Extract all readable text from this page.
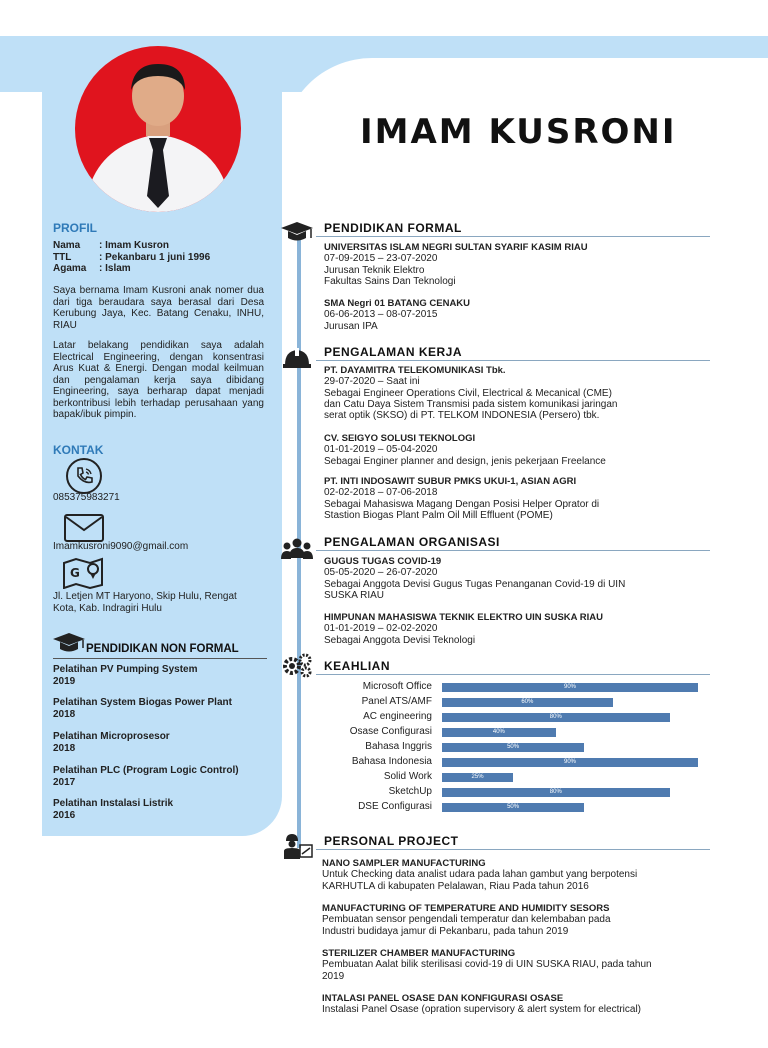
IMAM KUSRONI
PROFIL
Nama	: Imam Kusron
TTL	: Pekanbaru 1 juni 1996
Agama	: Islam
Saya bernama Imam Kusroni anak nomer dua dari tiga beraudara saya berasal dari Desa Kerubung Jaya, Kec. Batang Cenaku, INHU, RIAU
Latar belakang pendidikan saya adalah Electrical Engineering, dengan konsentrasi Arus Kuat & Energi. Dengan modal keilmuan dan pengalaman kerja saya dibidang Engineering, saya berharap dapat menjadi berkontribusi lebih terhadap perusahaan yang bapak/ibuk pimpin.
KONTAK
085375983271
Imamkusroni9090@gmail.com
G
Jl. Letjen MT Haryono, Skip Hulu, Rengat Kota, Kab. Indragiri Hulu
PENDIDIKAN NON FORMAL
Pelatihan PV Pumping System
2019
Pelatihan System Biogas Power Plant
2018
Pelatihan Microprosesor
2018
Pelatihan PLC (Program Logic Control)
2017
Pelatihan Instalasi Listrik
2016
PENDIDIKAN FORMAL
UNIVERSITAS ISLAM NEGRI SULTAN SYARIF KASIM RIAU
07-09-2015 – 23-07-2020
Jurusan Teknik Elektro
Fakultas Sains Dan Teknologi
SMA Negri 01 BATANG CENAKU
06-06-2013 – 08-07-2015
Jurusan IPA
PENGALAMAN KERJA
PT. DAYAMITRA TELEKOMUNIKASI Tbk.
29-07-2020 – Saat ini
Sebagai Engineer Operations Civil, Electrical & Mecanical (CME)
dan Catu Daya Sistem Transmisi pada sistem komunikasi jaringan
serat optik (SKSO) di PT. TELKOM INDONESIA (Persero) tbk.
CV. SEIGYO SOLUSI TEKNOLOGI
01-01-2019 – 05-04-2020
Sebagai Enginer planner and design, jenis pekerjaan Freelance
PT. INTI INDOSAWIT SUBUR PMKS UKUI-1, ASIAN AGRI
02-02-2018 – 07-06-2018
Sebagai Mahasiswa Magang Dengan Posisi Helper Oprator di
Stastion Biogas Plant Palm Oil Mill Effluent (POME)
PENGALAMAN ORGANISASI
GUGUS TUGAS COVID-19
05-05-2020 – 26-07-2020
Sebagai Anggota Devisi Gugus Tugas Penanganan Covid-19 di UIN
SUSKA RIAU
HIMPUNAN MAHASISWA TEKNIK ELEKTRO UIN SUSKA RIAU
01-01-2019 – 02-02-2020
Sebagai Anggota Devisi Teknologi
KEAHLIAN
Microsoft Office	90%
Panel ATS/AMF	60%
AC engineering	80%
Osase Configurasi	40%
Bahasa Inggris	50%
Bahasa Indonesia	90%
Solid Work	25%
SketchUp	80%
DSE Configurasi	50%
PERSONAL PROJECT
NANO SAMPLER MANUFACTURING
Untuk Checking data analist udara pada lahan gambut yang berpotensi
KARHUTLA di kabupaten Pelalawan, Riau Pada tahun 2016
MANUFACTURING OF TEMPERATURE AND HUMIDITY SESORS
Pembuatan sensor pengendali temperatur dan kelembaban pada
Industri budidaya jamur di Pekanbaru, pada tahun 2019
STERILIZER CHAMBER MANUFACTURING
Pembuatan Aalat bilik sterilisasi covid-19 di UIN SUSKA RIAU, pada tahun
2019
INTALASI PANEL OSASE DAN KONFIGURASI OSASE
Instalasi Panel Osase (opration supervisory & alert system for electrical)
